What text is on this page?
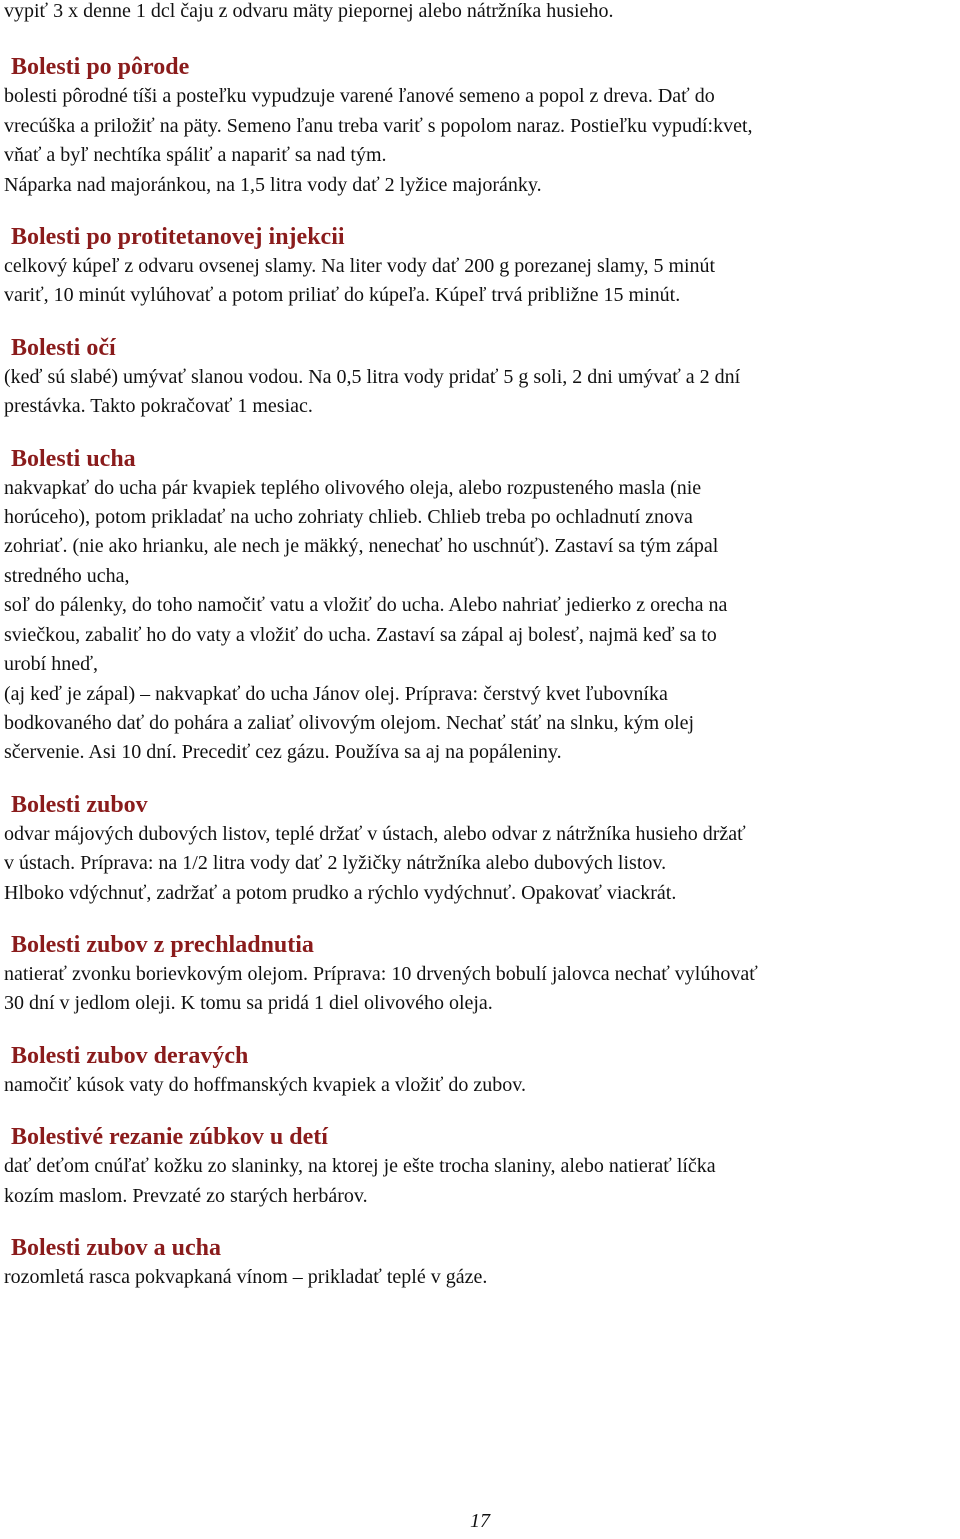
vypiť 3 x denne 1 dcl čaju z odvaru mäty piepornej alebo nátržníka husieho.

Bolesti po pôrode

bolesti pôrodné tíši a posteľku vypudzuje varené ľanové semeno a popol z dreva. Dať do
vrecúška a priložiť na päty. Semeno ľanu treba variť s popolom naraz. Postieľku vypudí:kvet,
vňať a byľ nechtíka spáliť a napariť sa nad tým.
Náparka nad majoránkou, na 1,5 litra vody dať 2 lyžice majoránky.

Bolesti po protitetanovej injekcii

celkový kúpeľ z odvaru ovsenej slamy. Na liter vody dať 200 g porezanej slamy, 5 minút
variť, 10 minút vylúhovať a potom priliať do kúpeľa. Kúpeľ trvá približne 15 minút.

Bolesti očí

(keď sú slabé) umývať slanou vodou. Na 0,5 litra vody pridať 5 g soli, 2 dni umývať a 2 dní
prestávka. Takto pokračovať 1 mesiac.

Bolesti ucha

nakvapkať do ucha pár kvapiek teplého olivového oleja, alebo rozpusteného masla (nie
horúceho), potom prikladať na ucho zohriaty chlieb. Chlieb treba po ochladnutí znova
zohriať. (nie ako hrianku, ale nech je mäkký, nenechať ho uschnúť). Zastaví sa tým zápal
stredného ucha,
soľ do pálenky, do toho namočiť vatu a vložiť do ucha. Alebo nahriať jedierko z orecha na
sviečkou, zabaliť ho do vaty a vložiť do ucha. Zastaví sa zápal aj bolesť, najmä keď sa to
urobí hneď,
(aj keď je zápal) – nakvapkať do ucha Jánov olej. Príprava: čerstvý kvet ľubovníka
bodkovaného dať do pohára a zaliať olivovým olejom. Nechať stáť na slnku, kým olej
sčervenie. Asi 10 dní. Precediť cez gázu. Používa sa aj na popáleniny.

Bolesti zubov

odvar májových dubových listov, teplé držať v ústach, alebo odvar z nátržníka husieho držať
v ústach. Príprava: na 1/2 litra vody dať 2 lyžičky nátržníka alebo dubových listov.
Hlboko vdýchnuť, zadržať a potom prudko a rýchlo vydýchnuť. Opakovať viackrát.

Bolesti zubov z prechladnutia

natierať zvonku borievkovým olejom. Príprava: 10 drvených bobulí jalovca nechať vylúhovať
30 dní v jedlom oleji. K tomu sa pridá 1 diel olivového oleja.

Bolesti zubov deravých

namočiť kúsok vaty do hoffmanských kvapiek a vložiť do zubov.

Bolestivé rezanie zúbkov u detí

dať deťom cnúľať kožku zo slaninky, na ktorej je ešte trocha slaniny, alebo natierať líčka
kozím maslom. Prevzaté zo starých herbárov.

Bolesti zubov a ucha

rozomletá rasca pokvapkaná vínom – prikladať teplé v gáze.

17
